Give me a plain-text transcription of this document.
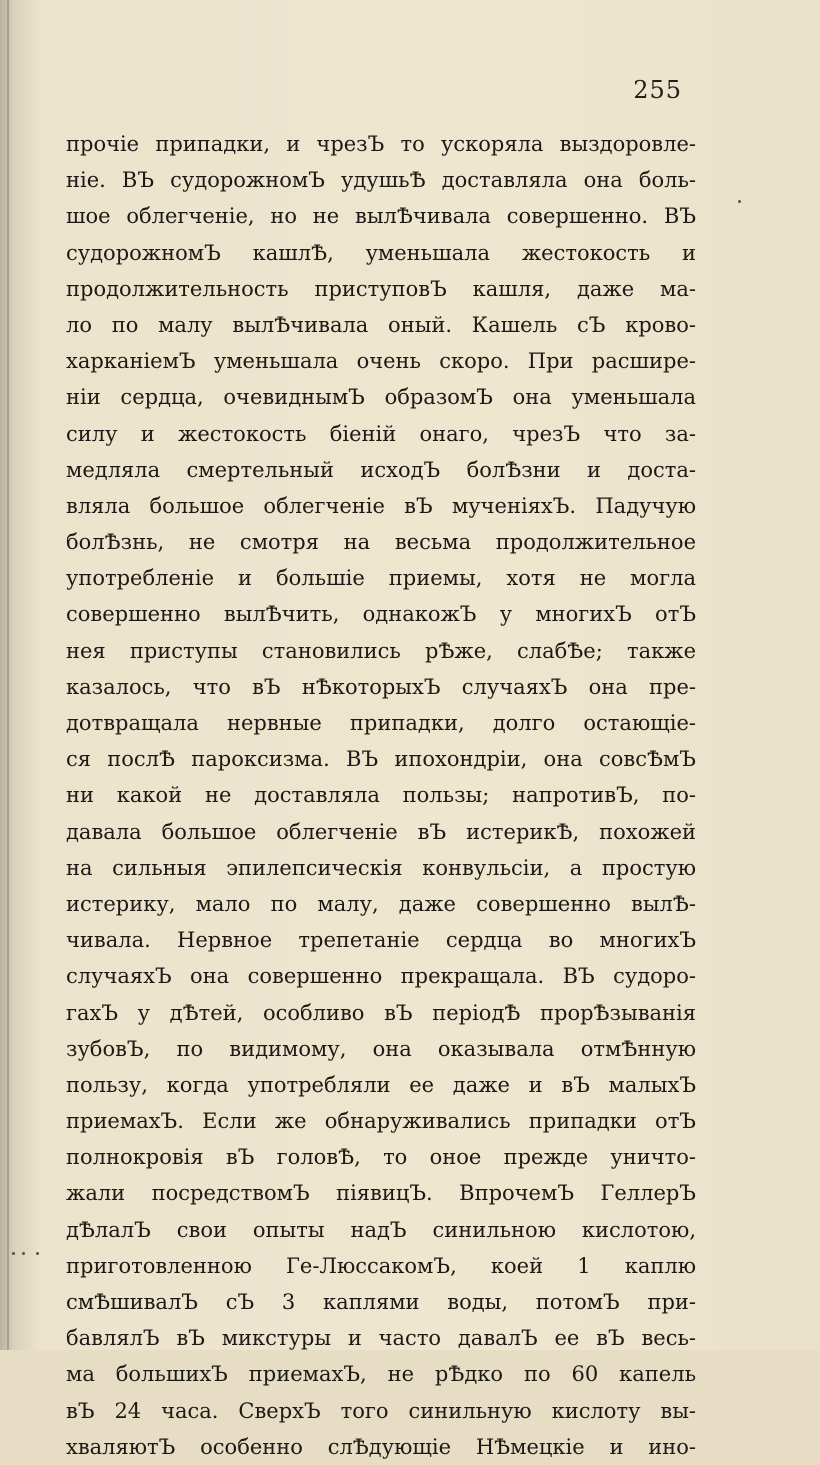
255
прочiе припадки, и чрезЪ то ускоряла выздоровле-
нiе. ВЪ судорожномЪ удушьѢ доставляла она боль-
шое облегченiе, но не вылѢчивала совершенно. ВЪ
судорожномЪ кашлѢ, уменьшала жестокость и
продолжительность приступовЪ кашля, даже ма-
ло по малу вылѢчивала оный. Кашель сЪ крово-
харканiемЪ уменьшала очень скоро. При расшире-
нiи сердца, очевиднымЪ образомЪ она уменьшала
силу и жестокость бiенiй онаго, чрезЪ что за-
медляла смертельный исходЪ болѢзни и доста-
вляла большое облегченiе вЪ мученiяхЪ. Падучую
болѢзнь, не смотря на весьма продолжительное
употребленiе и большiе приемы, хотя не могла
совершенно вылѢчить, однакожЪ у многихЪ отЪ
нея приступы становились рѢже, слабѢе; также
казалось, что вЪ нѢкоторыхЪ случаяхЪ она пре-
дотвращала нервные припадки, долго остающiе-
ся послѢ пароксизма. ВЪ ипохондрiи, она совсѢмЪ
ни какой не доставляла пользы; напротивЪ, по-
давала большое облегченiе вЪ истерикѢ, похожей
на сильныя эпилепсическiя конвульсiи, а простую
истерику, мало по малу, даже совершенно вылѢ-
чивала. Нервное трепетанiе сердца во многихЪ
случаяхЪ она совершенно прекращала. ВЪ судоро-
гахЪ у дѢтей, особливо вЪ перiодѢ прорѢзыванiя
зубовЪ, по видимому, она оказывала отмѢнную
пользу, когда употребляли ее даже и вЪ малыхЪ
приемахЪ. Если же обнаруживались припадки отЪ
полнокровiя вЪ головѢ, то оное прежде уничто-
жали посредствомЪ пiявицЪ. ВпрочемЪ ГеллерЪ
дѢлалЪ свои опыты надЪ синильною кислотою,
приготовленною Ге-ЛюссакомЪ, коей 1 каплю
смѢшивалЪ сЪ 3 каплями воды, потомЪ при-
бавлялЪ вЪ микстуры и часто давалЪ ее вЪ весь-
ма большихЪ приемахЪ, не рѢдко по 60 капель
вЪ 24 часа. СверхЪ того синильную кислоту вы-
хваляютЪ особенно слѢдующiе НѢмецкiе и ино-
